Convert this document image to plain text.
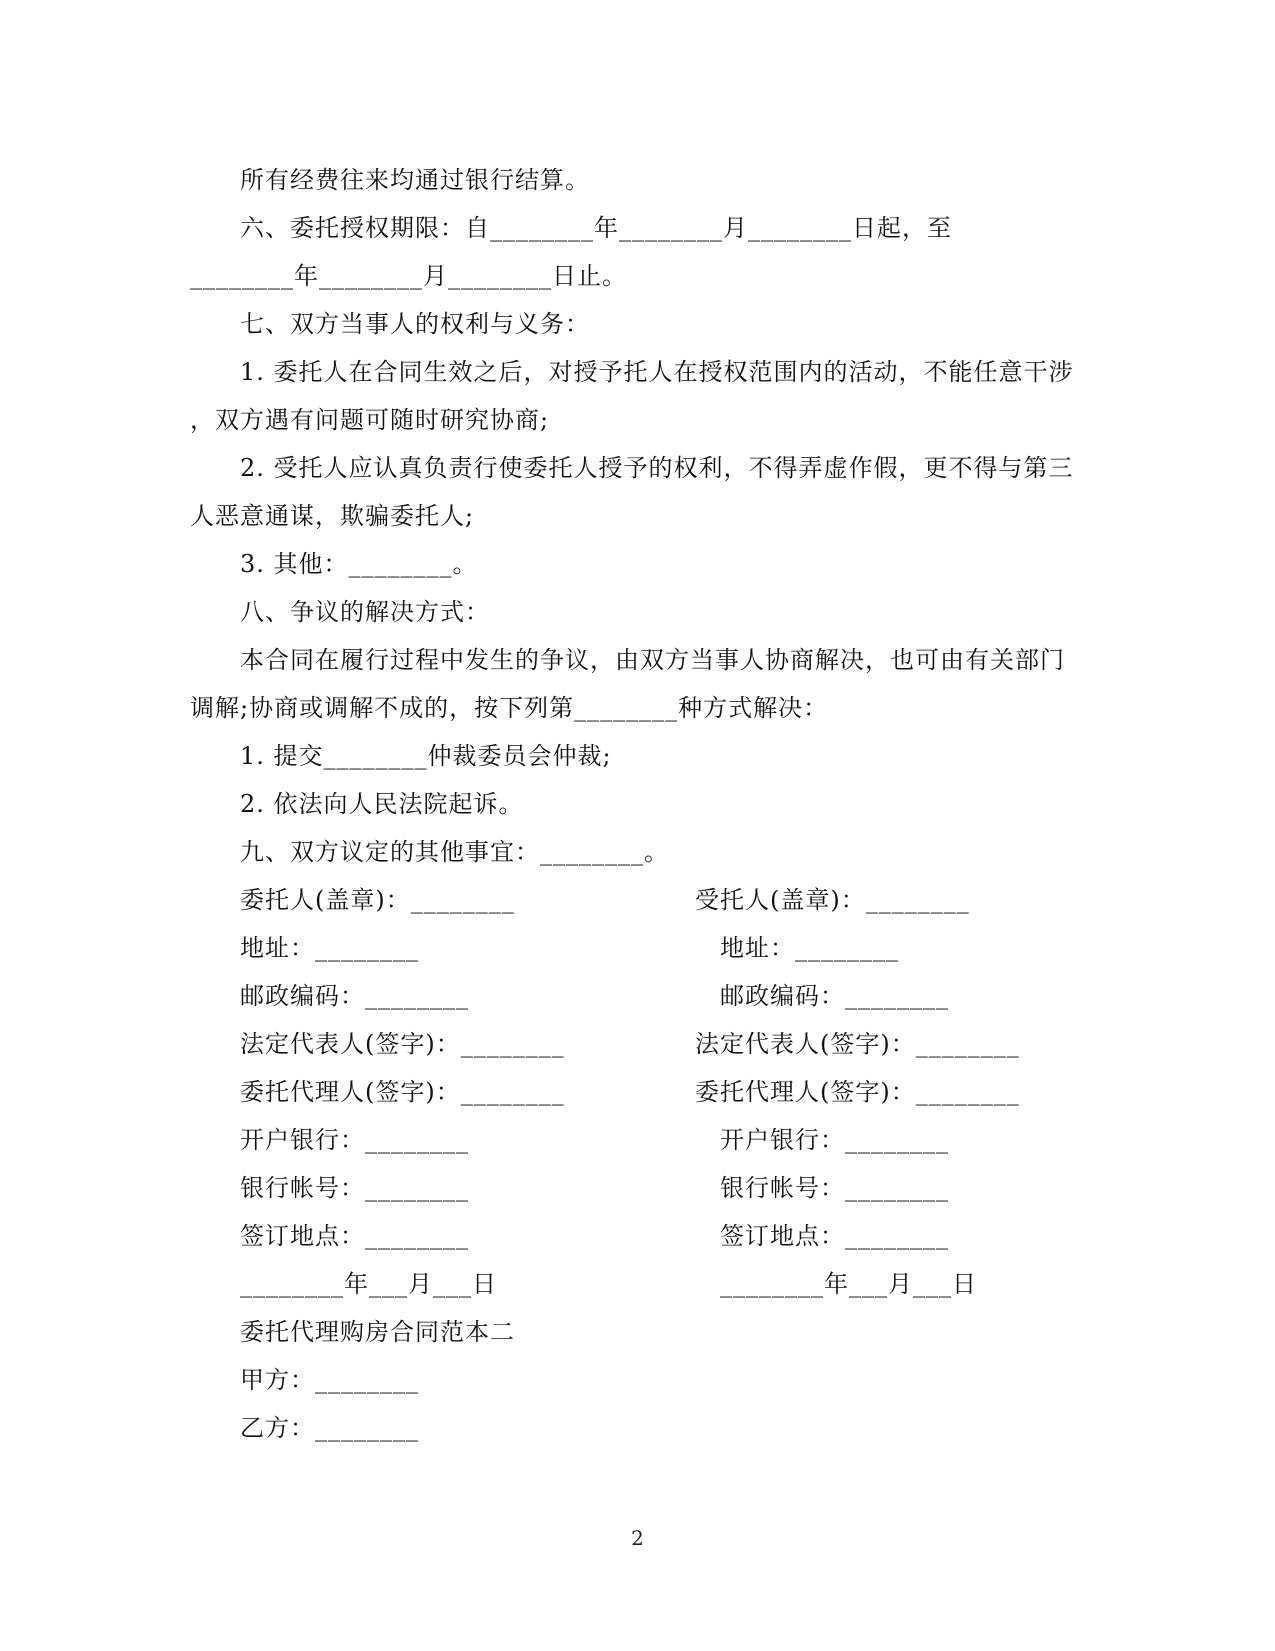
所有经费往来均通过银行结算。
六、委托授权期限：自________年________月________日起，至
________年________月________日止。
七、双方当事人的权利与义务：
1. 委托人在合同生效之后，对授予托人在授权范围内的活动，不能任意干涉
，双方遇有问题可随时研究协商;
2. 受托人应认真负责行使委托人授予的权利，不得弄虚作假，更不得与第三
人恶意通谋，欺骗委托人;
3. 其他：________。
八、争议的解决方式：
本合同在履行过程中发生的争议，由双方当事人协商解决，也可由有关部门
调解;协商或调解不成的，按下列第________种方式解决：
1. 提交________仲裁委员会仲裁;
2. 依法向人民法院起诉。
九、双方议定的其他事宜：________。
委托人(盖章)：________
地址：________
邮政编码：________
法定代表人(签字)：________
委托代理人(签字)：________
开户银行：________
银行帐号：________
签订地点：________
________年___月___日
受托人(盖章)：________
地址：________
邮政编码：________
法定代表人(签字)：________
委托代理人(签字)：________
开户银行：________
银行帐号：________
签订地点：________
________年___月___日
委托代理购房合同范本二
甲方：________
乙方：________
2
